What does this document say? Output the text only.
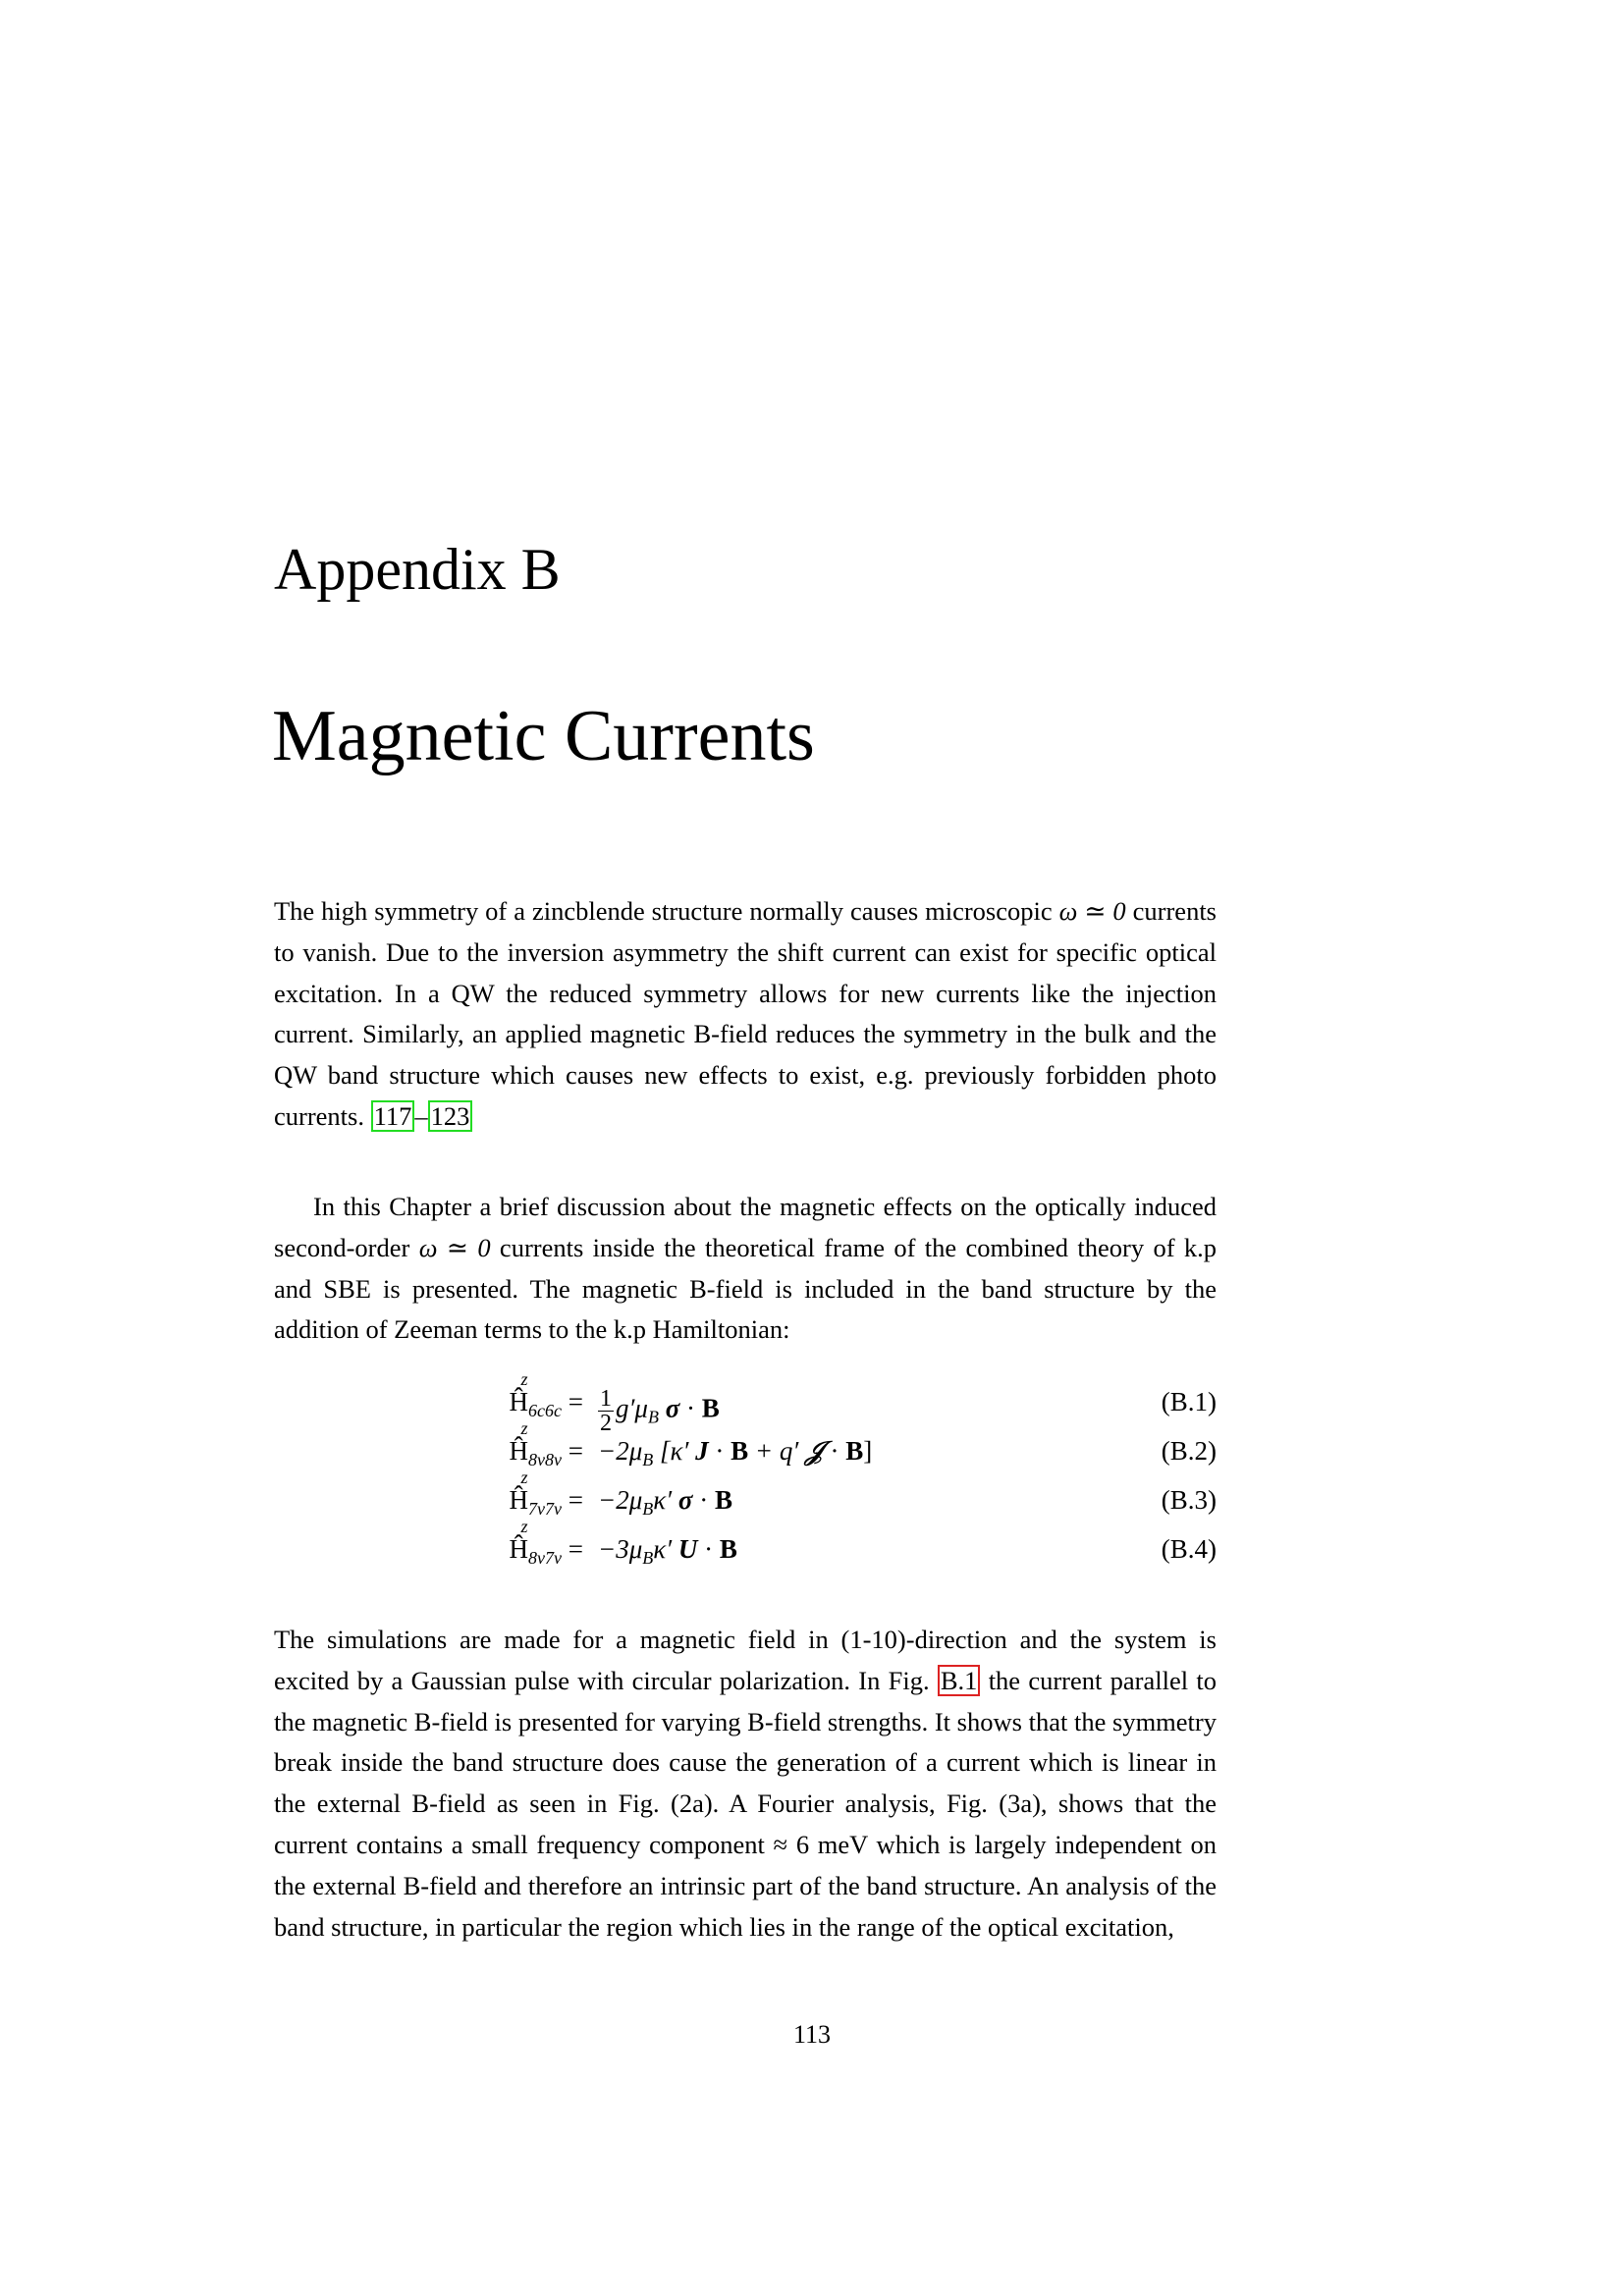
Appendix B
Magnetic Currents

The high symmetry of a zincblende structure normally causes microscopic ω ≃ 0 currents to vanish. Due to the inversion asymmetry the shift current can exist for specific optical excitation. In a QW the reduced symmetry allows for new currents like the injection current. Similarly, an applied magnetic B-field reduces the symmetry in the bulk and the QW band structure which causes new effects to exist, e.g. previously forbidden photo currents. 117 – 123

In this Chapter a brief discussion about the magnetic effects on the optically induced second-order ω ≃ 0 currents inside the theoretical frame of the combined theory of k.p and SBE is presented. The magnetic B-field is included in the band structure by the addition of Zeeman terms to the k.p Hamiltonian:

Ĥ
z
$_{6c6c} = \frac{1}{2} g'\mu_B$ σ · B	(B.1)
Ĥ
z
$_{8v8v} = -2\mu_B$ [κ′ J · B + q′ 𝒥 · B]	(B.2)
Ĥ
z
$_{7v7v} = -2\mu_B\kappa'$ σ · B	(B.3)
Ĥ
z
$_{8v7v} = -3\mu_B\kappa'$ U · B	(B.4)

The simulations are made for a magnetic field in (1-10)-direction and the system is excited by a Gaussian pulse with circular polarization. In Fig. B.1 the current parallel to the magnetic B-field is presented for varying B-field strengths. It shows that the symmetry break inside the band structure does cause the generation of a current which is linear in the external B-field as seen in Fig. (2a). A Fourier analysis, Fig. (3a), shows that the current contains a small frequency component ≈ 6 meV which is largely independent on the external B-field and therefore an intrinsic part of the band structure. An analysis of the band structure, in particular the region which lies in the range of the optical excitation,

113
